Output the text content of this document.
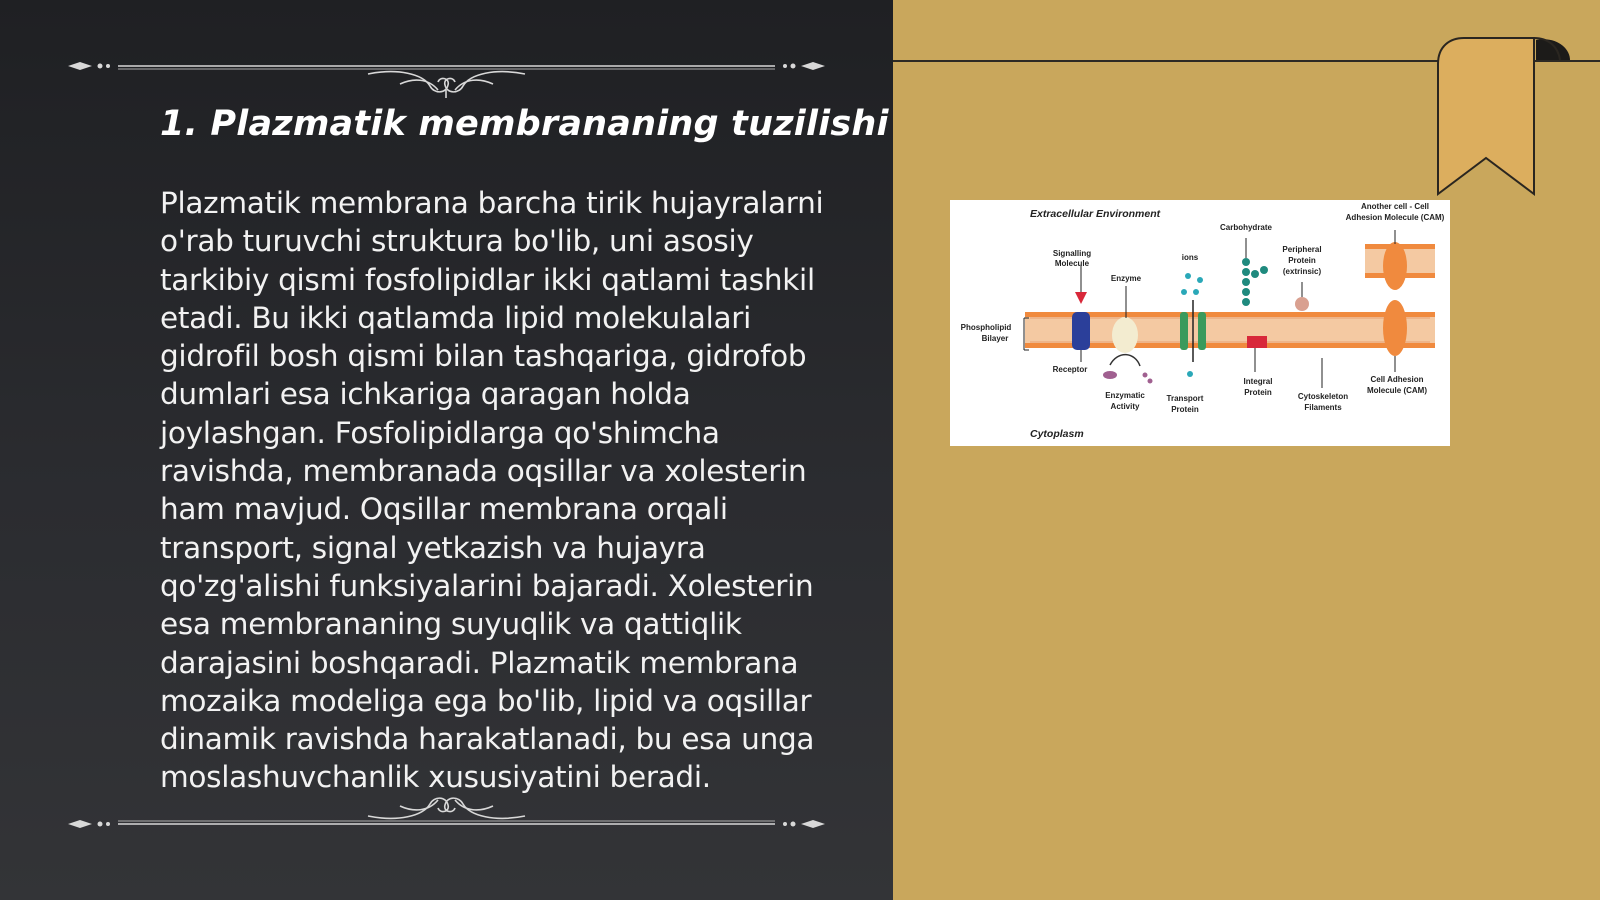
1. Plazmatik membrananing tuzilishi

Plazmatik membrana barcha tirik hujayralarni o'rab turuvchi struktura bo'lib, uni asosiy tarkibiy qismi fosfolipidlar ikki qatlami tashkil etadi. Bu ikki qatlamda lipid molekulalari gidrofil bosh qismi bilan tashqariga, gidrofob dumlari esa ichkariga qaragan holda joylashgan. Fosfolipidlarga qo'shimcha ravishda, membranada oqsillar va xolesterin ham mavjud. Oqsillar membrana orqali transport, signal yetkazish va hujayra qo'zg'alishi funksiyalarini bajaradi. Xolesterin esa membrananing suyuqlik va qattiqlik darajasini boshqaradi. Plazmatik membrana mozaika modeliga ega bo'lib, lipid va oqsillar dinamik ravishda harakatlanadi, bu esa unga moslashuvchanlik xususiyatini beradi.

Extracellular Environment
Cytoplasm
Another cell - Cell
Adhesion Molecule (CAM)
Carbohydrate
Signalling
Molecule
ions
Peripheral
Protein
(extrinsic)
Enzyme
Phospholipid
Bilayer
Receptor
Enzymatic
Activity
Transport
Protein
Integral
Protein	Cytoskeleton
Filaments
Cell Adhesion
Molecule (CAM)
